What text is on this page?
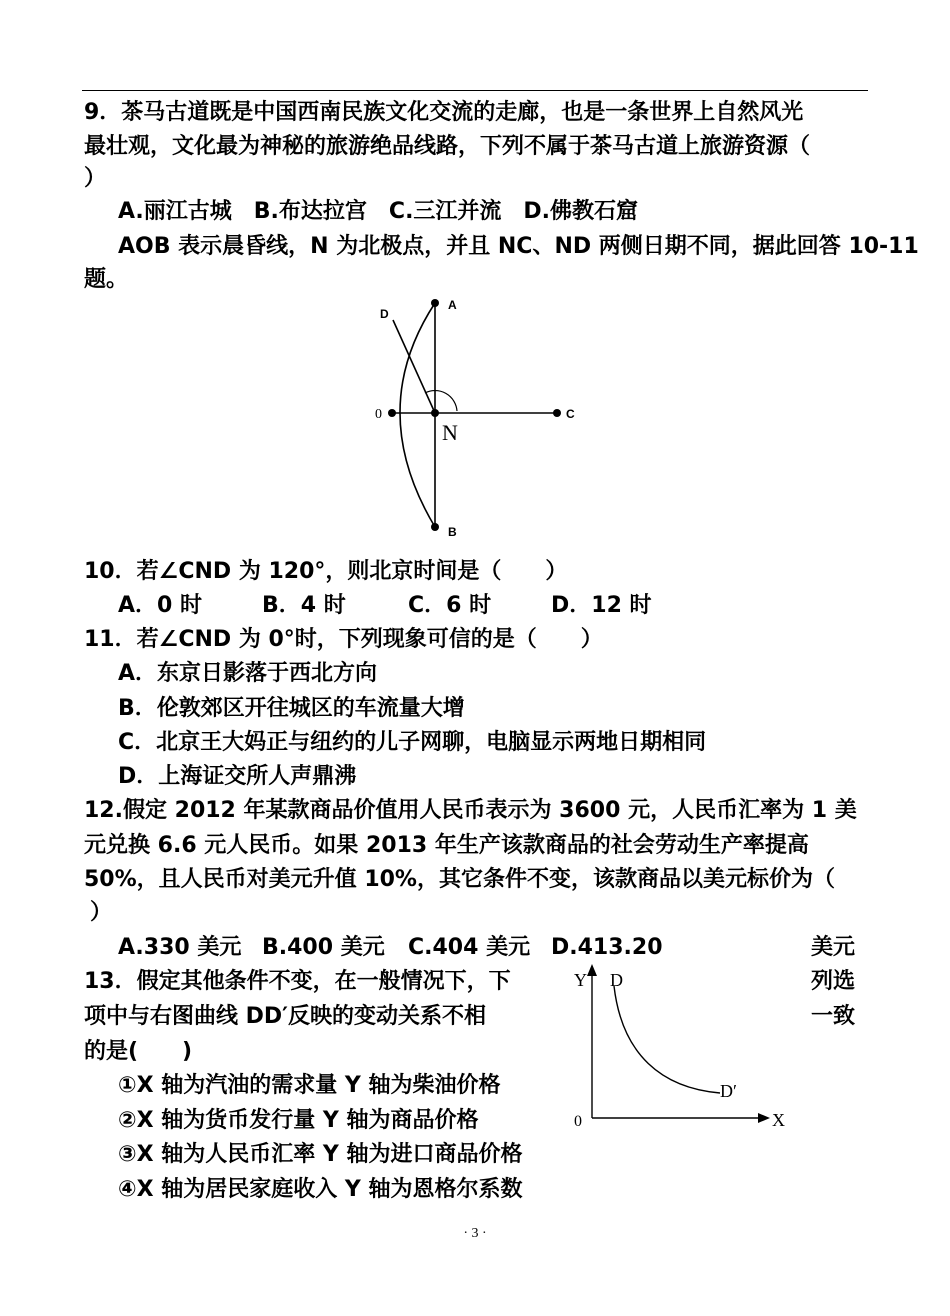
9．茶马古道既是中国西南民族文化交流的走廊，也是一条世界上自然风光
最壮观，文化最为神秘的旅游绝品线路，下列不属于茶马古道上旅游资源（
）
A.丽江古城　B.布达拉宫　C.三江并流　D.佛教石窟
AOB 表示晨昏线，N 为北极点，并且 NC、ND 两侧日期不同，据此回答 10-11
题。
D
A
0
N
C
B
10．若∠CND 为 120°，则北京时间是（　　）
A．0 时	B．4 时	C．6 时	D．12 时
11．若∠CND 为 0°时，下列现象可信的是（　　）
A．东京日影落于西北方向
B．伦敦郊区开往城区的车流量大增
C．北京王大妈正与纽约的儿子网聊，电脑显示两地日期相同
D．上海证交所人声鼎沸
12.假定 2012 年某款商品价值用人民币表示为 3600 元，人民币汇率为 1 美
元兑换 6.6 元人民币。如果 2013 年生产该款商品的社会劳动生产率提高
50%，且人民币对美元升值 10%，其它条件不变，该款商品以美元标价为（
）
A.330 美元 B.400 美元 C.404 美元 D.413.20	美元
13．假定其他条件不变，在一般情况下，下	列选
项中与右图曲线 DD′反映的变动关系不相	一致
的是(　　)
①X 轴为汽油的需求量 Y 轴为柴油价格
②X 轴为货币发行量 Y 轴为商品价格
③X 轴为人民币汇率 Y 轴为进口商品价格
④X 轴为居民家庭收入 Y 轴为恩格尔系数
Y D
D′
0	X
· 3 ·
